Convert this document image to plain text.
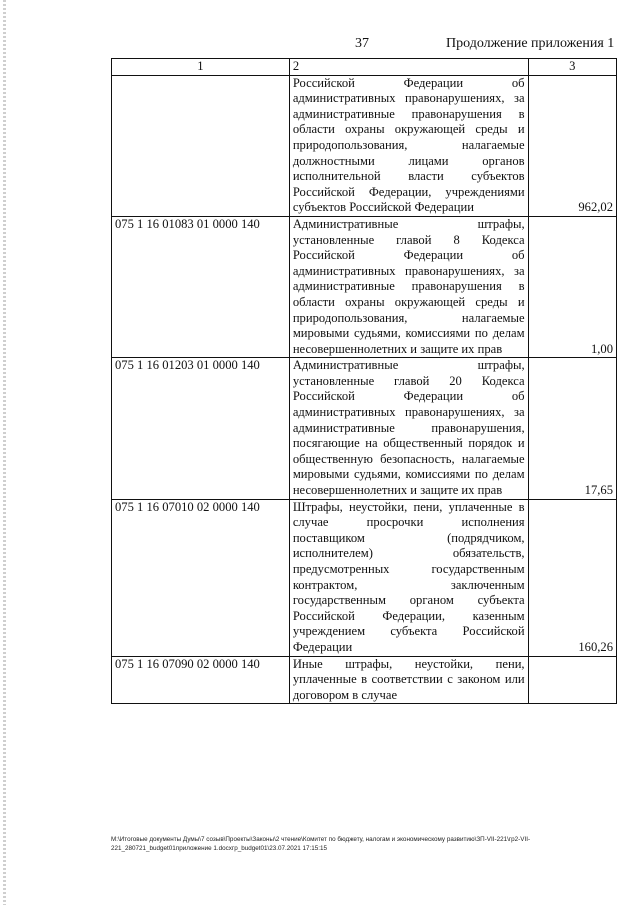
37	Продолжение приложения 1
1	2	3
	Российской Федерации об административных правонарушениях, за административные правонарушения в области охраны окружающей среды и природопользования, налагаемые должностными лицами органов исполнительной власти субъектов Российской Федерации, учреждениями субъектов Российской Федерации	962,02
075 1 16 01083 01 0000 140	Административные штрафы, установленные главой 8 Кодекса Российской Федерации об административных правонарушениях, за административные правонарушения в области охраны окружающей среды и природопользования, налагаемые мировыми судьями, комиссиями по делам несовершеннолетних и защите их прав	1,00
075 1 16 01203 01 0000 140	Административные штрафы, установленные главой 20 Кодекса Российской Федерации об административных правонарушениях, за административные правонарушения, посягающие на общественный порядок и общественную безопасность, налагаемые мировыми судьями, комиссиями по делам несовершеннолетних и защите их прав	17,65
075 1 16 07010 02 0000 140	Штрафы, неустойки, пени, уплаченные в случае просрочки исполнения поставщиком (подрядчиком, исполнителем) обязательств, предусмотренных государственным контрактом, заключенным государственным органом субъекта Российской Федерации, казенным учреждением субъекта Российской Федерации	160,26
075 1 16 07090 02 0000 140	Иные штрафы, неустойки, пени, уплаченные в соответствии с законом или договором в случае	
M:\Итоговые документы Думы\7 созыв\Проекты\Законы\2 чтение\Комитет по бюджету, налогам и экономическому развитию\ЗП-VII-221\гр2-VII-221_280721_budget01приложение 1.docxгр_budget01\23.07.2021 17:15:15
